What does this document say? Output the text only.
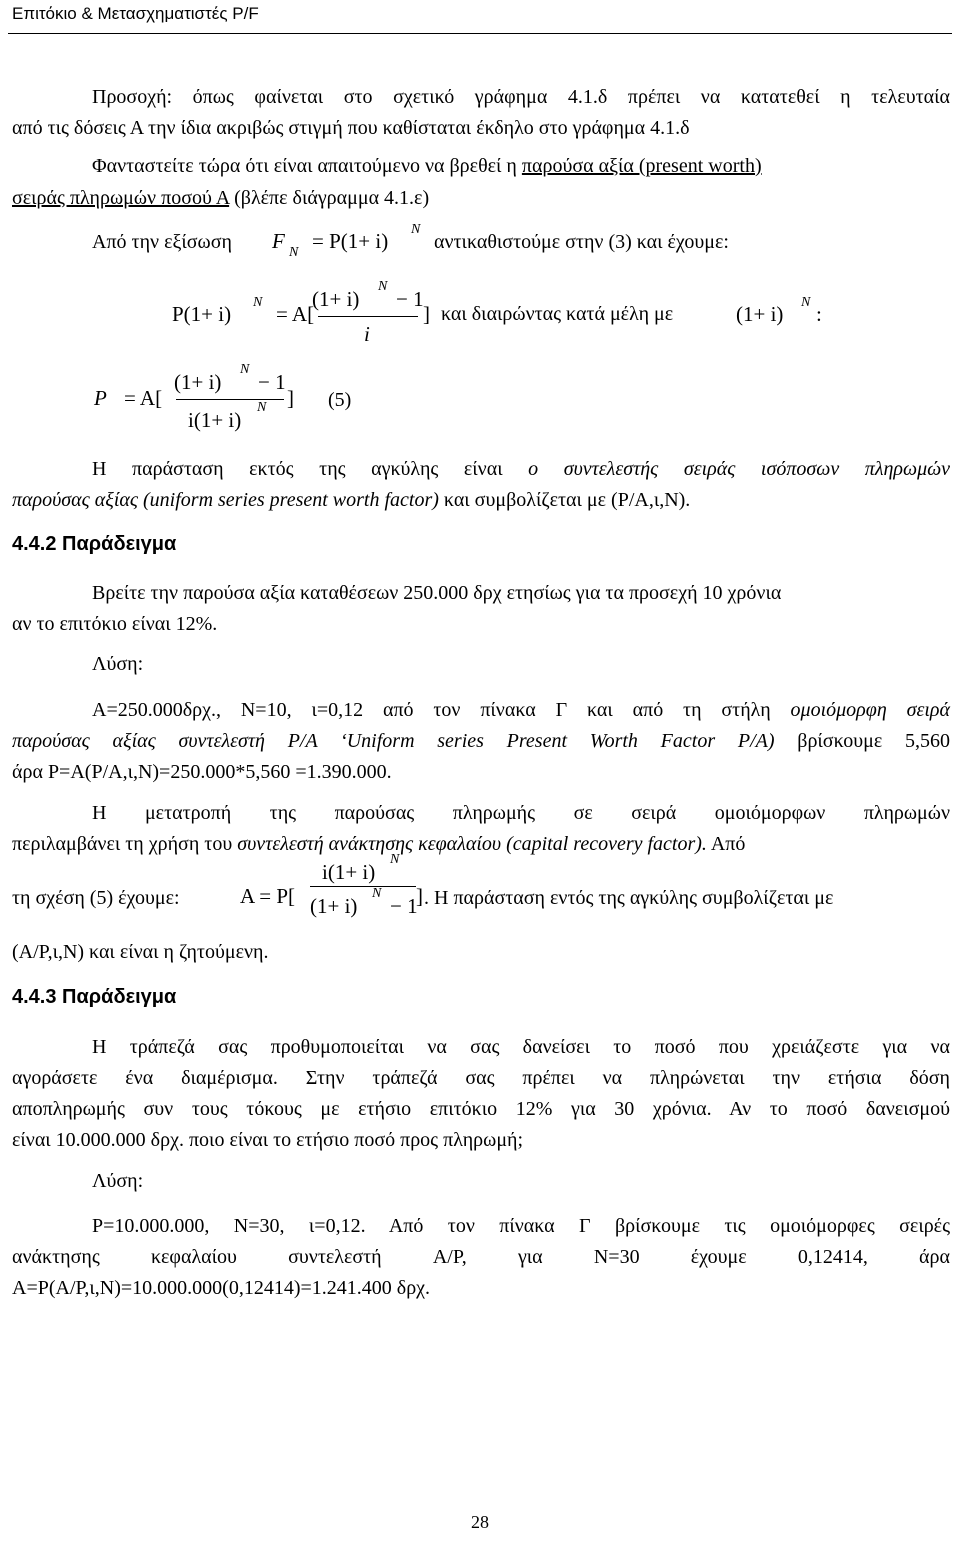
Επιτόκιο & Μετασχηματιστές P/F
Προσοχή: όπως φαίνεται στο σχετικό γράφημα 4.1.δ πρέπει να κατατεθεί η τελευταία
από τις δόσεις Α την ίδια ακριβώς στιγμή που καθίσταται έκδηλο στο γράφημα 4.1.δ
Φανταστείτε τώρα ότι είναι απαιτούμενο να βρεθεί η παρούσα αξία (present worth)
σειράς πληρωμών ποσού Α (βλέπε διάγραμμα 4.1.ε)
Από την εξίσωση F N = P(1+ i) N
αντικαθιστούμε στην (3) και έχουμε:
P(1+ i) N = A[
(1+ i)
N
− 1
i
] και διαιρώντας κατά μέλη με	(1+ i) N :
P = A[
(1+ i)
N
− 1
i(1+ i)
N ] (5)
Η παράσταση εκτός της αγκύλης είναι ο συντελεστής σειράς ισόποσων πληρωμών
παρούσας αξίας (uniform series present worth factor) και συμβολίζεται με (P/A,ι,N).
4.4.2 Παράδειγμα
Βρείτε την παρούσα αξία καταθέσεων 250.000 δρχ ετησίως για τα προσεχή 10 χρόνια
αν το επιτόκιο είναι 12%.
Λύση:
Α=250.000δρχ., Ν=10, ι=0,12 από τον πίνακα Γ και από τη στήλη ομοιόμορφη σειρά
παρούσας αξίας συντελεστή P/A ‘Uniform series Present Worth Factor P/A) βρίσκουμε 5,560
άρα P=A(P/A,ι,N)=250.000*5,560 =1.390.000.
Η μετατροπή της παρούσας πληρωμής σε σειρά ομοιόμορφων πληρωμών
περιλαμβάνει τη χρήση του συντελεστή ανάκτησης κεφαλαίου (capital recovery factor). Από
τη σχέση (5) έχουμε:	A = P[
i(1+ i)
N
(1+ i)
N
− 1
] . Η παράσταση εντός της αγκύλης συμβολίζεται με
(A/P,ι,N) και είναι η ζητούμενη.
4.4.3 Παράδειγμα
Η τράπεζά σας προθυμοποιείται να σας δανείσει το ποσό που χρειάζεστε για να
αγοράσετε ένα διαμέρισμα. Στην τράπεζά σας πρέπει να πληρώνεται την ετήσια δόση
αποπληρωμής συν τους τόκους με ετήσιο επιτόκιο 12% για 30 χρόνια. Αν το ποσό δανεισμού
είναι 10.000.000 δρχ. ποιο είναι το ετήσιο ποσό προς πληρωμή;
Λύση:
P=10.000.000, N=30, ι=0,12. Από τον πίνακα Γ βρίσκουμε τις ομοιόμορφες σειρές
ανάκτησης κεφαλαίου συντελεστή A/P, για N=30 έχουμε 0,12414, άρα
A=P(A/P,ι,N)=10.000.000(0,12414)=1.241.400 δρχ.
28
